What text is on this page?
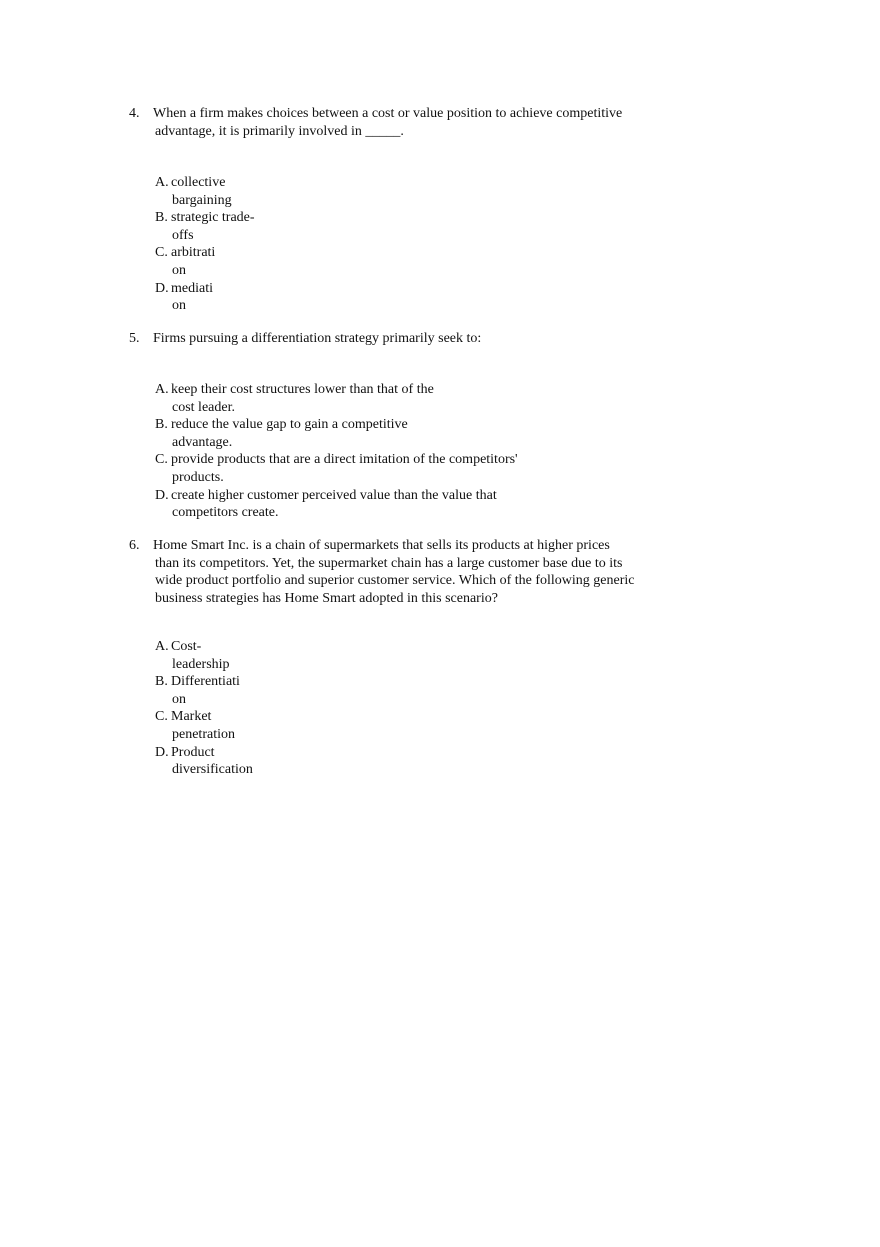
4. When a firm makes choices between a cost or value position to achieve competitive
advantage, it is primarily involved in _____.
A. collective
bargaining
B. strategic trade-
offs
C. arbitrati
on
D. mediati
on
5. Firms pursuing a differentiation strategy primarily seek to:
A. keep their cost structures lower than that of the
cost leader.
B. reduce the value gap to gain a competitive
advantage.
C. provide products that are a direct imitation of the competitors'
products.
D. create higher customer perceived value than the value that
competitors create.
6. Home Smart Inc. is a chain of supermarkets that sells its products at higher prices
than its competitors. Yet, the supermarket chain has a large customer base due to its
wide product portfolio and superior customer service. Which of the following generic
business strategies has Home Smart adopted in this scenario?
A. Cost-
leadership
B. Differentiati
on
C. Market
penetration
D. Product
diversification
